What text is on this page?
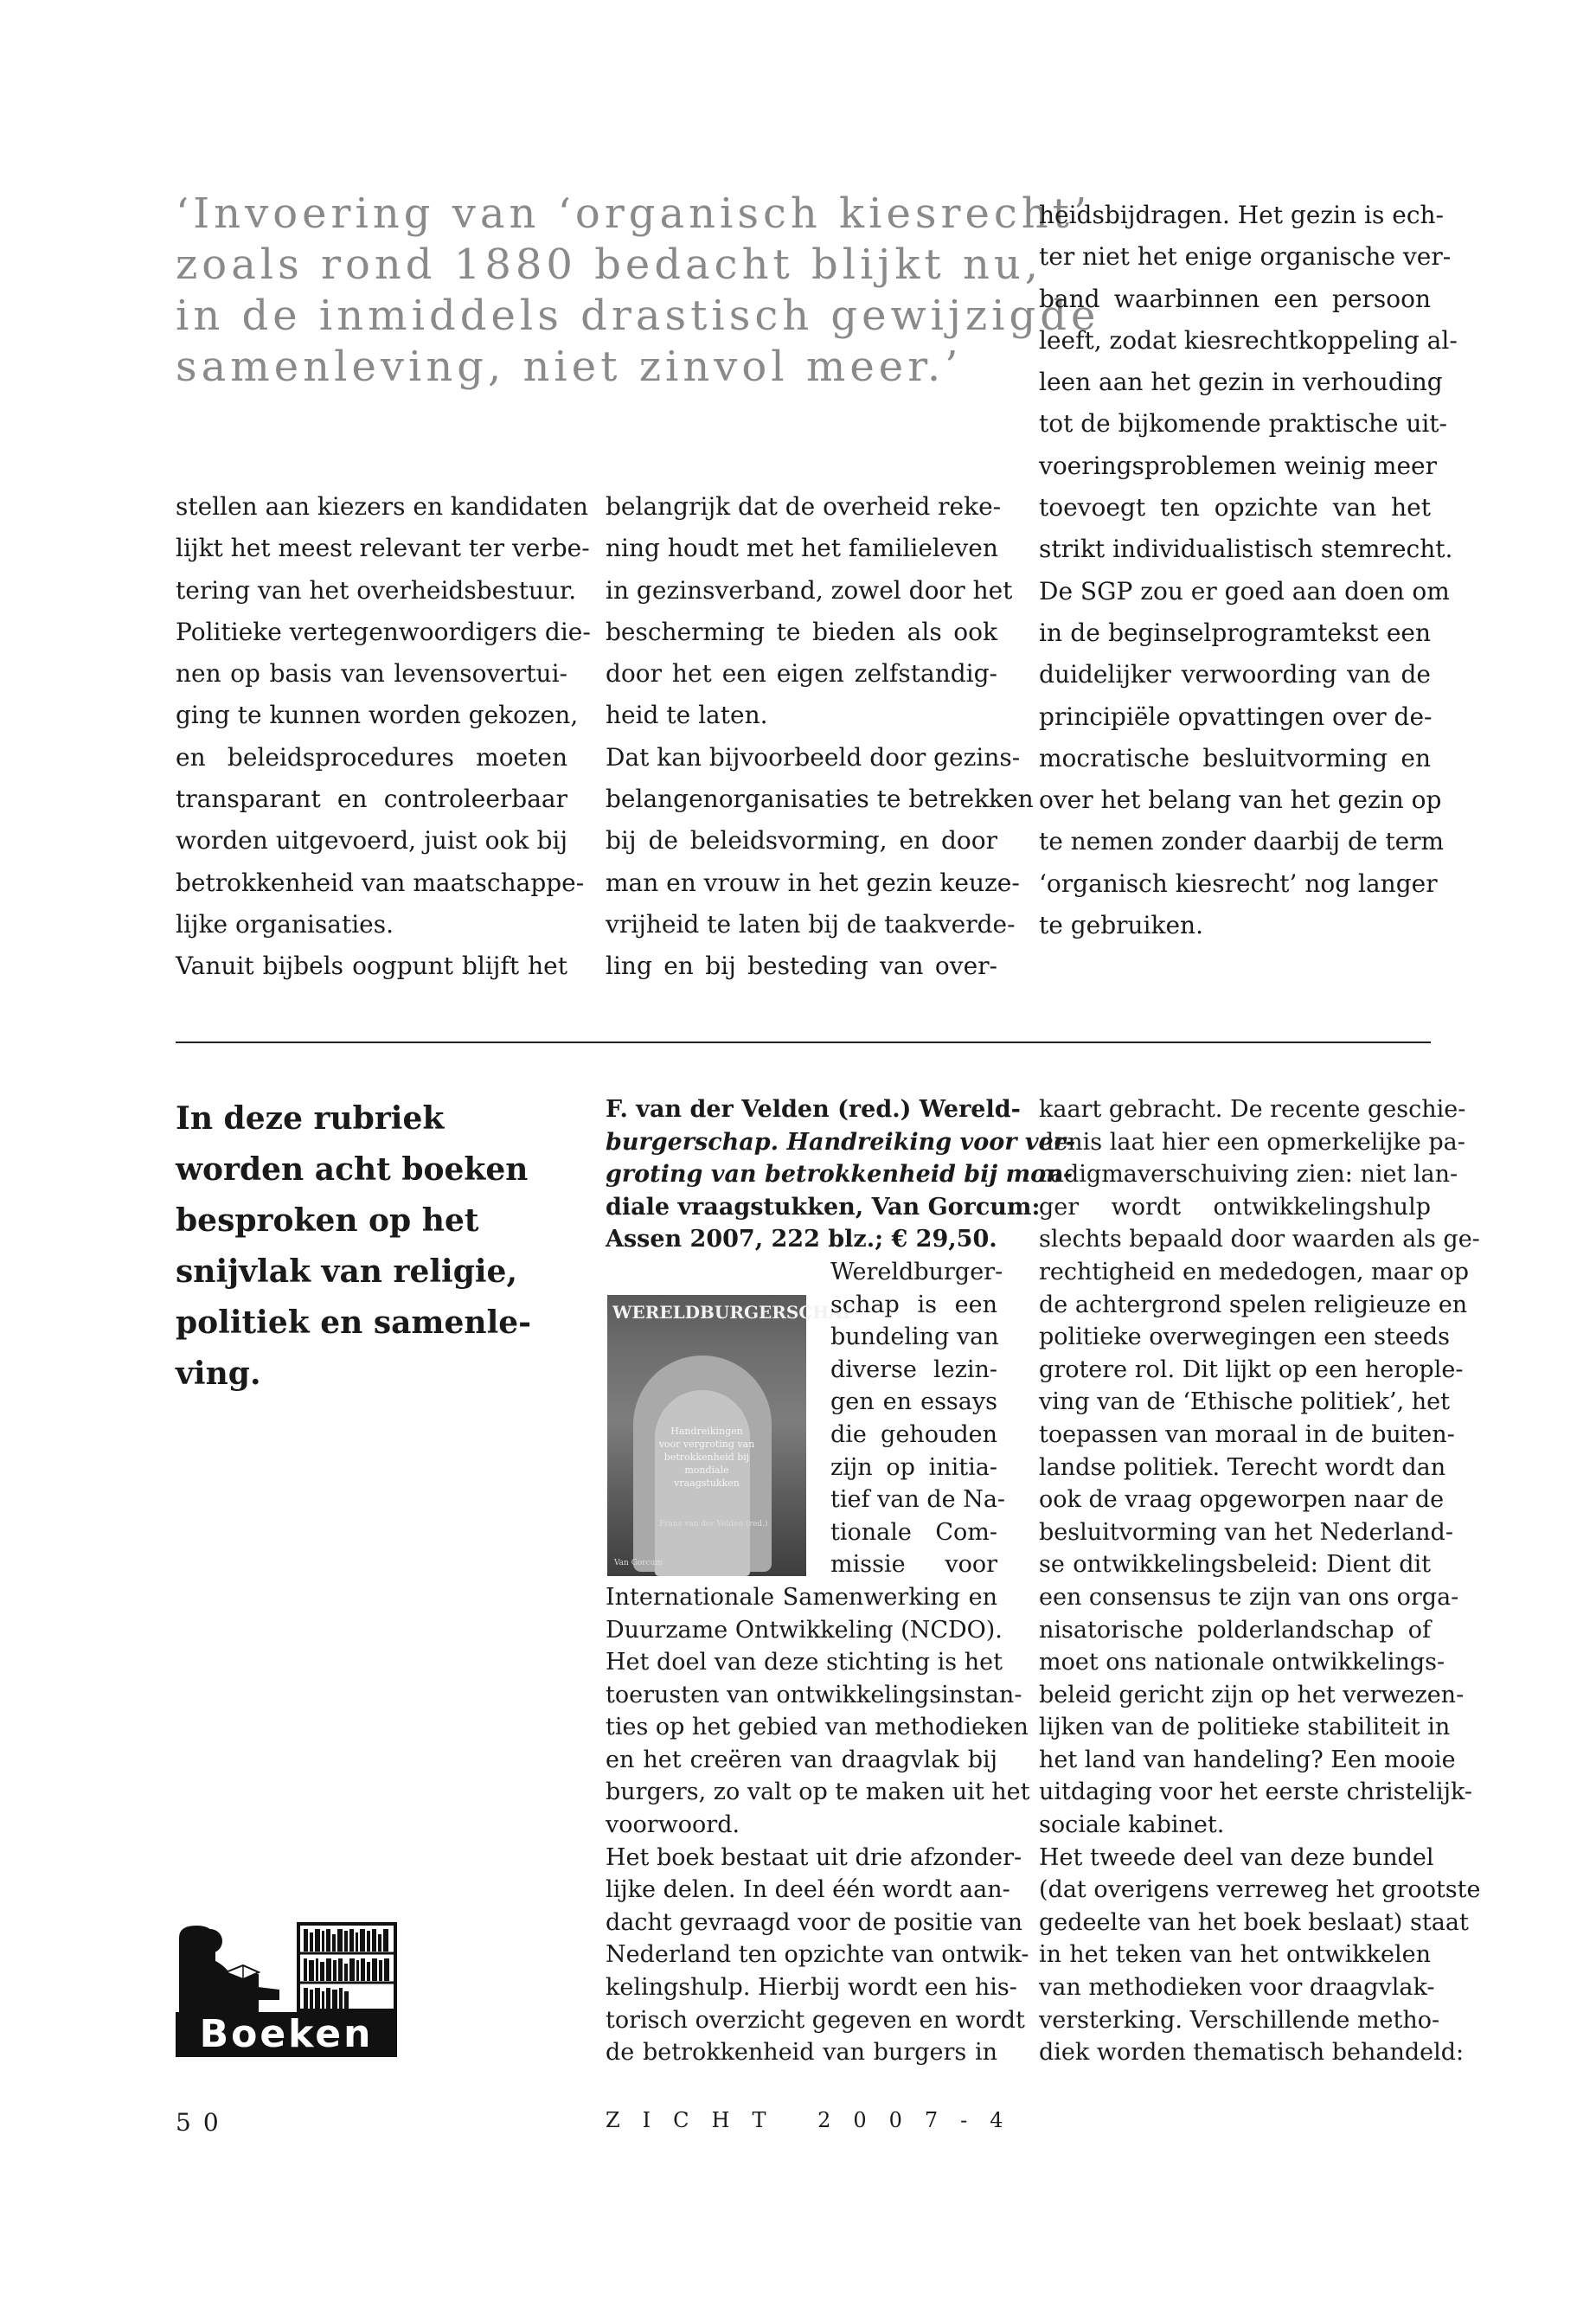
‘Invoering van ‘organisch kiesrecht’
zoals rond 1880 bedacht blijkt nu,
in de inmiddels drastisch gewijzigde
samenleving, niet zinvol meer.’
stellen aan kiezers en kandidaten
lijkt het meest relevant ter verbe-
tering van het overheidsbestuur.
Politieke vertegenwoordigers die-
nen op basis van levensovertui-
ging te kunnen worden gekozen,
en beleidsprocedures moeten
transparant en controleerbaar
worden uitgevoerd, juist ook bij
betrokkenheid van maatschappe-
lijke organisaties.
Vanuit bijbels oogpunt blijft het
belangrijk dat de overheid reke-
ning houdt met het familieleven
in gezinsverband, zowel door het
bescherming te bieden als ook
door het een eigen zelfstandig-
heid te laten.
Dat kan bijvoorbeeld door gezins-
belangenorganisaties te betrekken
bij de beleidsvorming, en door
man en vrouw in het gezin keuze-
vrijheid te laten bij de taakverde-
ling en bij besteding van over-
heidsbijdragen. Het gezin is ech-
ter niet het enige organische ver-
band waarbinnen een persoon
leeft, zodat kiesrechtkoppeling al-
leen aan het gezin in verhouding
tot de bijkomende praktische uit-
voeringsproblemen weinig meer
toevoegt ten opzichte van het
strikt individualistisch stemrecht.
De SGP zou er goed aan doen om
in de beginselprogramtekst een
duidelijker verwoording van de
principiële opvattingen over de-
mocratische besluitvorming en
over het belang van het gezin op
te nemen zonder daarbij de term
‘organisch kiesrecht’ nog langer
te gebruiken.
In deze rubriek
worden acht boeken
besproken op het
snijvlak van religie,
politiek en samenle-
ving.
WERELDBURGERSCHAP
Handreikingen
voor vergroting van
betrokkenheid bij
mondiale
vraagstukken
Frans van der Velden (red.)
Van Gorcum
F. van der Velden (red.) Wereld-
burgerschap. Handreiking voor ver-
groting van betrokkenheid bij mon-
diale vraagstukken, Van Gorcum:
Assen 2007, 222 blz.; € 29,50.
Wereldburger-
schap is een
bundeling van
diverse lezin-
gen en essays
die gehouden
zijn op initia-
tief van de Na-
tionale Com-
missie voor
Internationale Samenwerking en
Duurzame Ontwikkeling (NCDO).
Het doel van deze stichting is het
toerusten van ontwikkelingsinstan-
ties op het gebied van methodieken
en het creëren van draagvlak bij
burgers, zo valt op te maken uit het
voorwoord.
Het boek bestaat uit drie afzonder-
lijke delen. In deel één wordt aan-
dacht gevraagd voor de positie van
Nederland ten opzichte van ontwik-
kelingshulp. Hierbij wordt een his-
torisch overzicht gegeven en wordt
de betrokkenheid van burgers in
kaart gebracht. De recente geschie-
denis laat hier een opmerkelijke pa-
radigmaverschuiving zien: niet lan-
ger wordt ontwikkelingshulp
slechts bepaald door waarden als ge-
rechtigheid en mededogen, maar op
de achtergrond spelen religieuze en
politieke overwegingen een steeds
grotere rol. Dit lijkt op een herople-
ving van de ‘Ethische politiek’, het
toepassen van moraal in de buiten-
landse politiek. Terecht wordt dan
ook de vraag opgeworpen naar de
besluitvorming van het Nederland-
se ontwikkelingsbeleid: Dient dit
een consensus te zijn van ons orga-
nisatorische polderlandschap of
moet ons nationale ontwikkelings-
beleid gericht zijn op het verwezen-
lijken van de politieke stabiliteit in
het land van handeling? Een mooie
uitdaging voor het eerste christelijk-
sociale kabinet.
Het tweede deel van deze bundel
(dat overigens verreweg het grootste
gedeelte van het boek beslaat) staat
in het teken van het ontwikkelen
van methodieken voor draagvlak-
versterking. Verschillende metho-
diek worden thematisch behandeld:
Boeken
50	ZICHT 2007-4
